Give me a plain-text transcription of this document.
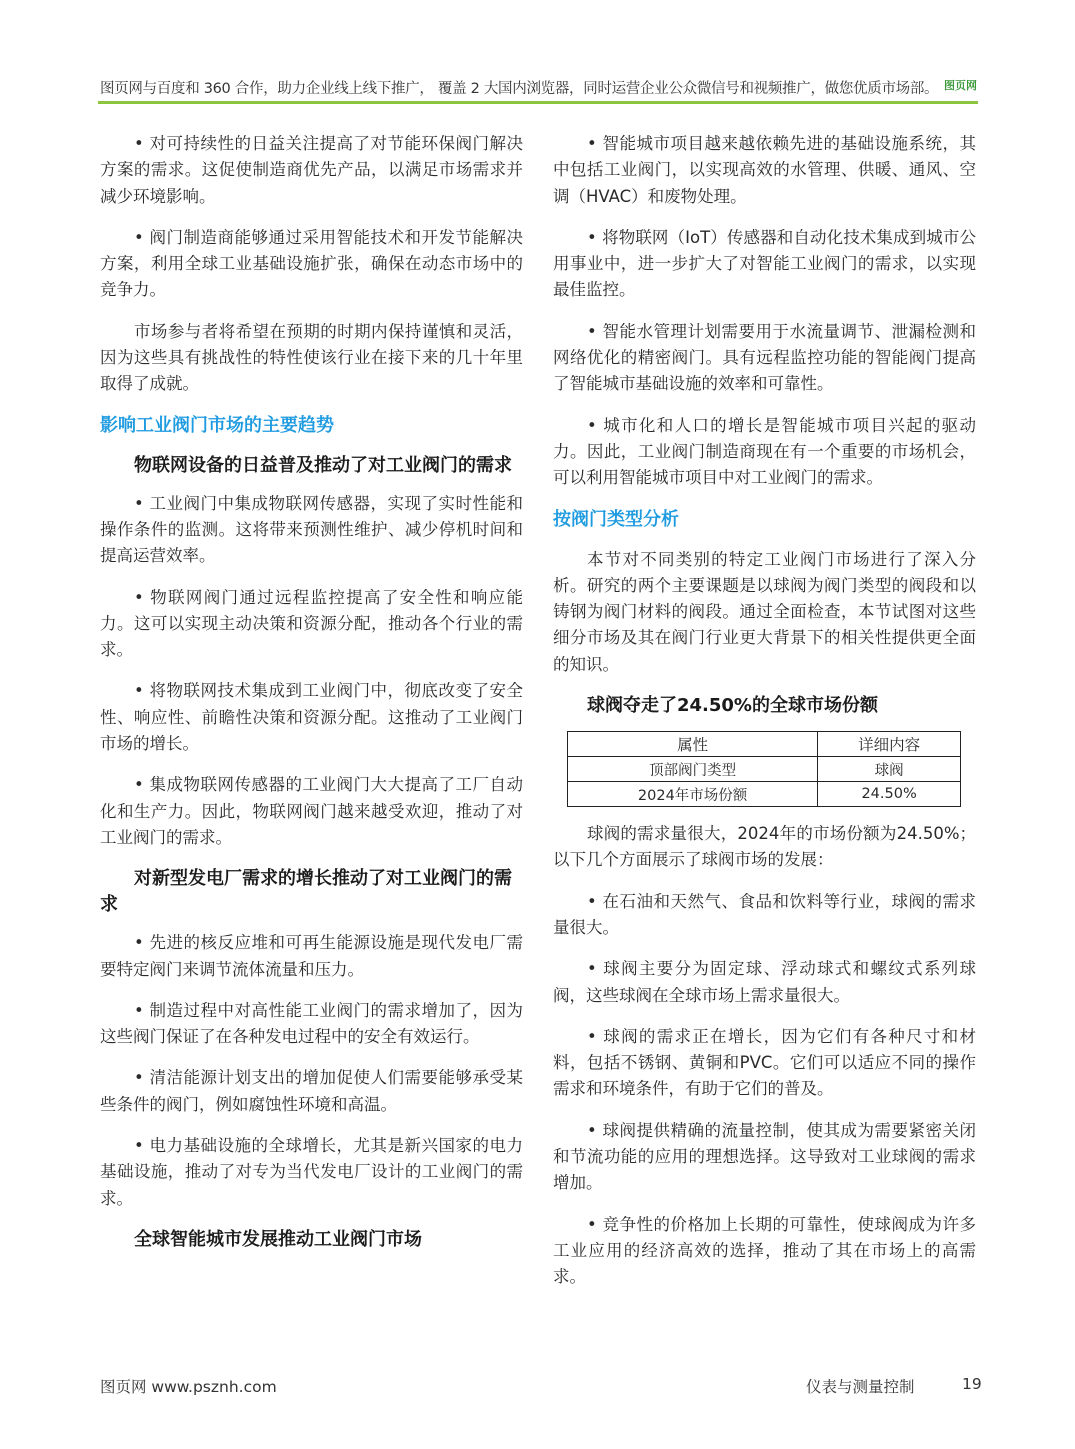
图页网与百度和 360 合作，助力企业线上线下推广， 覆盖 2 大国内浏览器，同时运营企业公众微信号和视频推广，做您优质市场部。 图页网
• 对可持续性的日益关注提高了对节能环保阀门解决方案的需求。这促使制造商优先产品，以满足市场需求并减少环境影响。
• 阀门制造商能够通过采用智能技术和开发节能解决方案，利用全球工业基础设施扩张，确保在动态市场中的竞争力。
市场参与者将希望在预期的时期内保持谨慎和灵活，因为这些具有挑战性的特性使该行业在接下来的几十年里取得了成就。
影响工业阀门市场的主要趋势
物联网设备的日益普及推动了对工业阀门的需求
• 工业阀门中集成物联网传感器，实现了实时性能和操作条件的监测。这将带来预测性维护、减少停机时间和提高运营效率。
• 物联网阀门通过远程监控提高了安全性和响应能力。这可以实现主动决策和资源分配，推动各个行业的需求。
• 将物联网技术集成到工业阀门中，彻底改变了安全性、响应性、前瞻性决策和资源分配。这推动了工业阀门市场的增长。
• 集成物联网传感器的工业阀门大大提高了工厂自动化和生产力。因此，物联网阀门越来越受欢迎，推动了对工业阀门的需求。
对新型发电厂需求的增长推动了对工业阀门的需求
• 先进的核反应堆和可再生能源设施是现代发电厂需要特定阀门来调节流体流量和压力。
• 制造过程中对高性能工业阀门的需求增加了，因为这些阀门保证了在各种发电过程中的安全有效运行。
• 清洁能源计划支出的增加促使人们需要能够承受某些条件的阀门，例如腐蚀性环境和高温。
• 电力基础设施的全球增长，尤其是新兴国家的电力基础设施，推动了对专为当代发电厂设计的工业阀门的需求。
全球智能城市发展推动工业阀门市场
• 智能城市项目越来越依赖先进的基础设施系统，其中包括工业阀门，以实现高效的水管理、供暖、通风、空调（HVAC）和废物处理。
• 将物联网（IoT）传感器和自动化技术集成到城市公用事业中，进一步扩大了对智能工业阀门的需求，以实现最佳监控。
• 智能水管理计划需要用于水流量调节、泄漏检测和网络优化的精密阀门。具有远程监控功能的智能阀门提高了智能城市基础设施的效率和可靠性。
• 城市化和人口的增长是智能城市项目兴起的驱动力。因此，工业阀门制造商现在有一个重要的市场机会，可以利用智能城市项目中对工业阀门的需求。
按阀门类型分析
本节对不同类别的特定工业阀门市场进行了深入分析。研究的两个主要课题是以球阀为阀门类型的阀段和以铸钢为阀门材料的阀段。通过全面检查，本节试图对这些细分市场及其在阀门行业更大背景下的相关性提供更全面的知识。
球阀夺走了24.50%的全球市场份额
属性	详细内容
顶部阀门类型	球阀
2024年市场份额	24.50%
球阀的需求量很大，2024年的市场份额为24.50%；以下几个方面展示了球阀市场的发展：
• 在石油和天然气、食品和饮料等行业，球阀的需求量很大。
• 球阀主要分为固定球、浮动球式和螺纹式系列球阀，这些球阀在全球市场上需求量很大。
• 球阀的需求正在增长，因为它们有各种尺寸和材料，包括不锈钢、黄铜和PVC。它们可以适应不同的操作需求和环境条件，有助于它们的普及。
• 球阀提供精确的流量控制，使其成为需要紧密关闭和节流功能的应用的理想选择。这导致对工业球阀的需求增加。
• 竞争性的价格加上长期的可靠性，使球阀成为许多工业应用的经济高效的选择，推动了其在市场上的高需求。
图页网 www.psznh.com	仪表与测量控制	19
